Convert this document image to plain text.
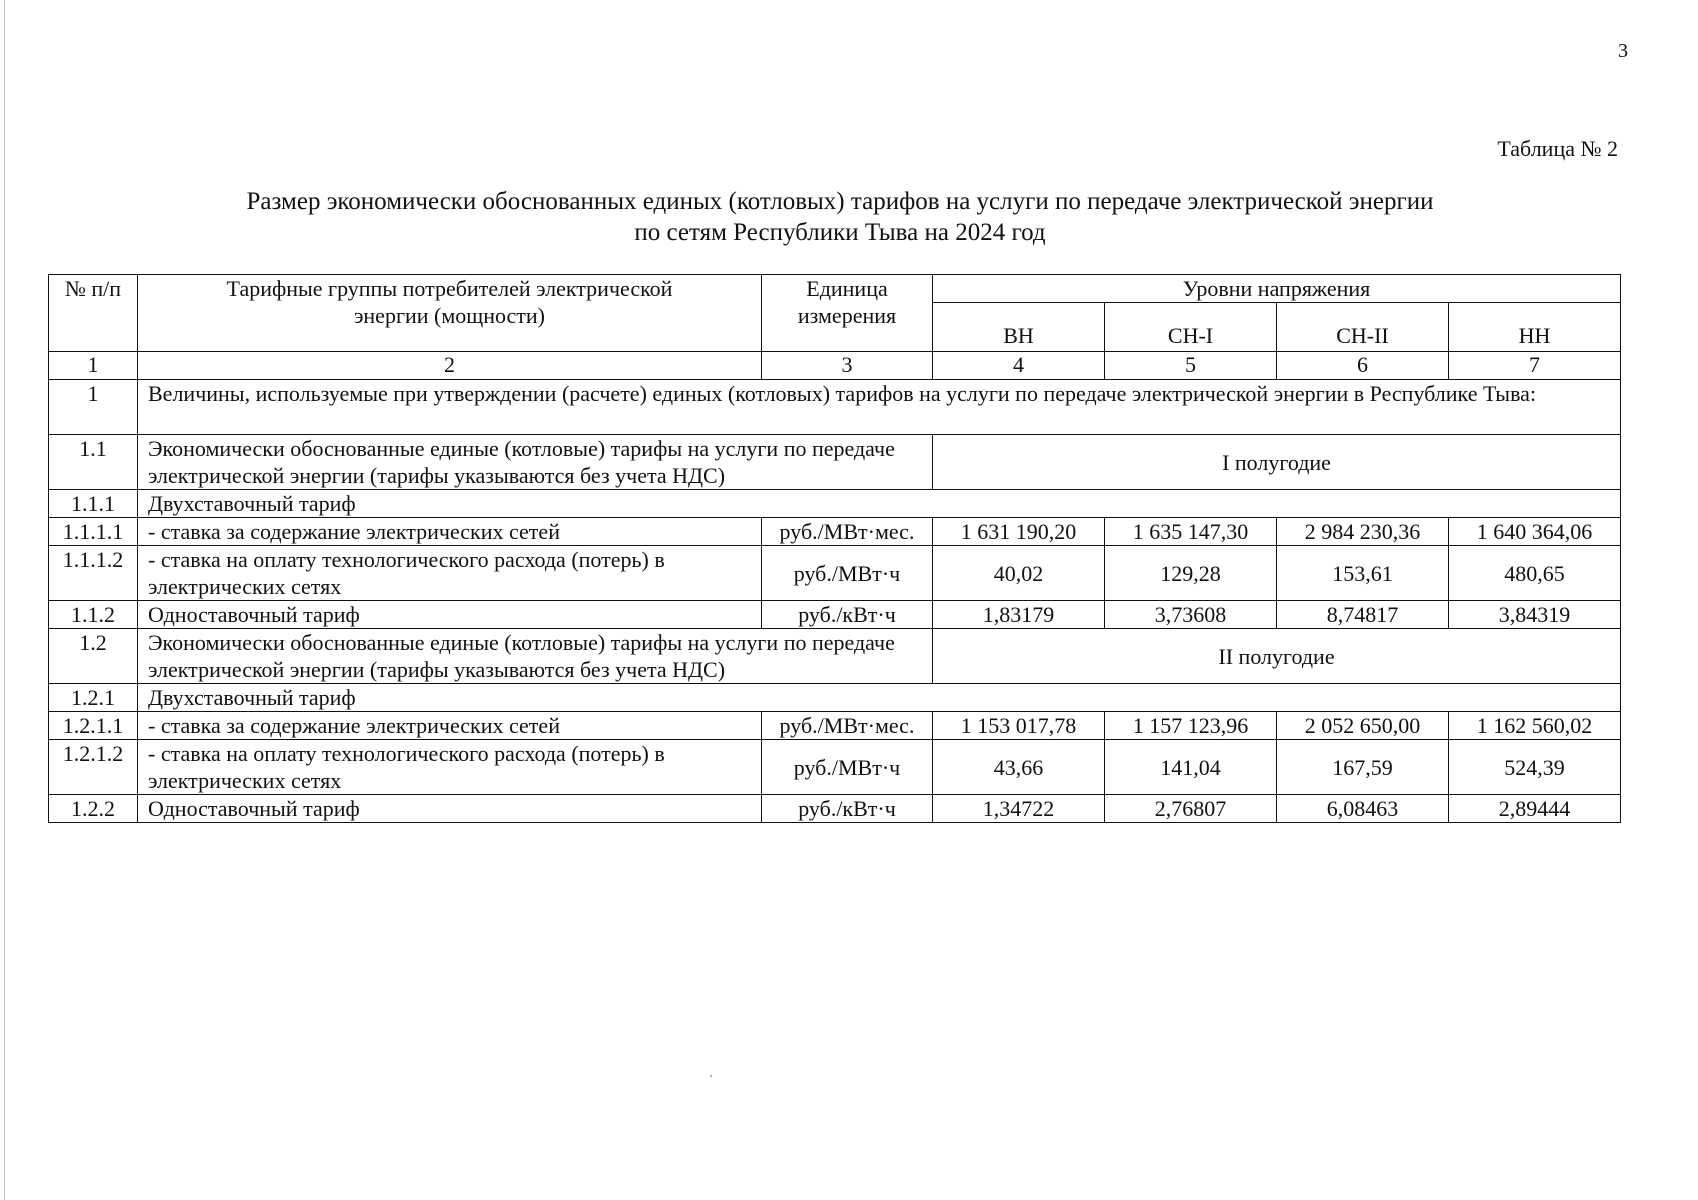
3
Таблица № 2
Размер экономически обоснованных единых (котловых) тарифов на услуги по передаче электрической энергии
по сетям Республики Тыва на 2024 год
№ п/п	Тарифные группы потребителей электрической энергии (мощности)	Единица измерения	Уровни напряжения			
			ВН	СН-I	СН-II	НН
1	2	3	4	5	6	7
1	Величины, используемые при утверждении (расчете) единых (котловых) тарифов на услуги по передаче электрической энергии в Республике Тыва:					
1.1	Экономически обоснованные единые (котловые) тарифы на услуги по передаче электрической энергии (тарифы указываются без учета НДС)		I полугодие			
1.1.1	Двухставочный тариф					
1.1.1.1	- ставка за содержание электрических сетей	руб./МВт·мес.	1 631 190,20	1 635 147,30	2 984 230,36	1 640 364,06
1.1.1.2	- ставка на оплату технологического расхода (потерь) в электрических сетях	руб./МВт·ч	40,02	129,28	153,61	480,65
1.1.2	Одноставочный тариф	руб./кВт·ч	1,83179	3,73608	8,74817	3,84319
1.2	Экономически обоснованные единые (котловые) тарифы на услуги по передаче электрической энергии (тарифы указываются без учета НДС)		II полугодие			
1.2.1	Двухставочный тариф					
1.2.1.1	- ставка за содержание электрических сетей	руб./МВт·мес.	1 153 017,78	1 157 123,96	2 052 650,00	1 162 560,02
1.2.1.2	- ставка на оплату технологического расхода (потерь) в электрических сетях	руб./МВт·ч	43,66	141,04	167,59	524,39
1.2.2	Одноставочный тариф	руб./кВт·ч	1,34722	2,76807	6,08463	2,89444
